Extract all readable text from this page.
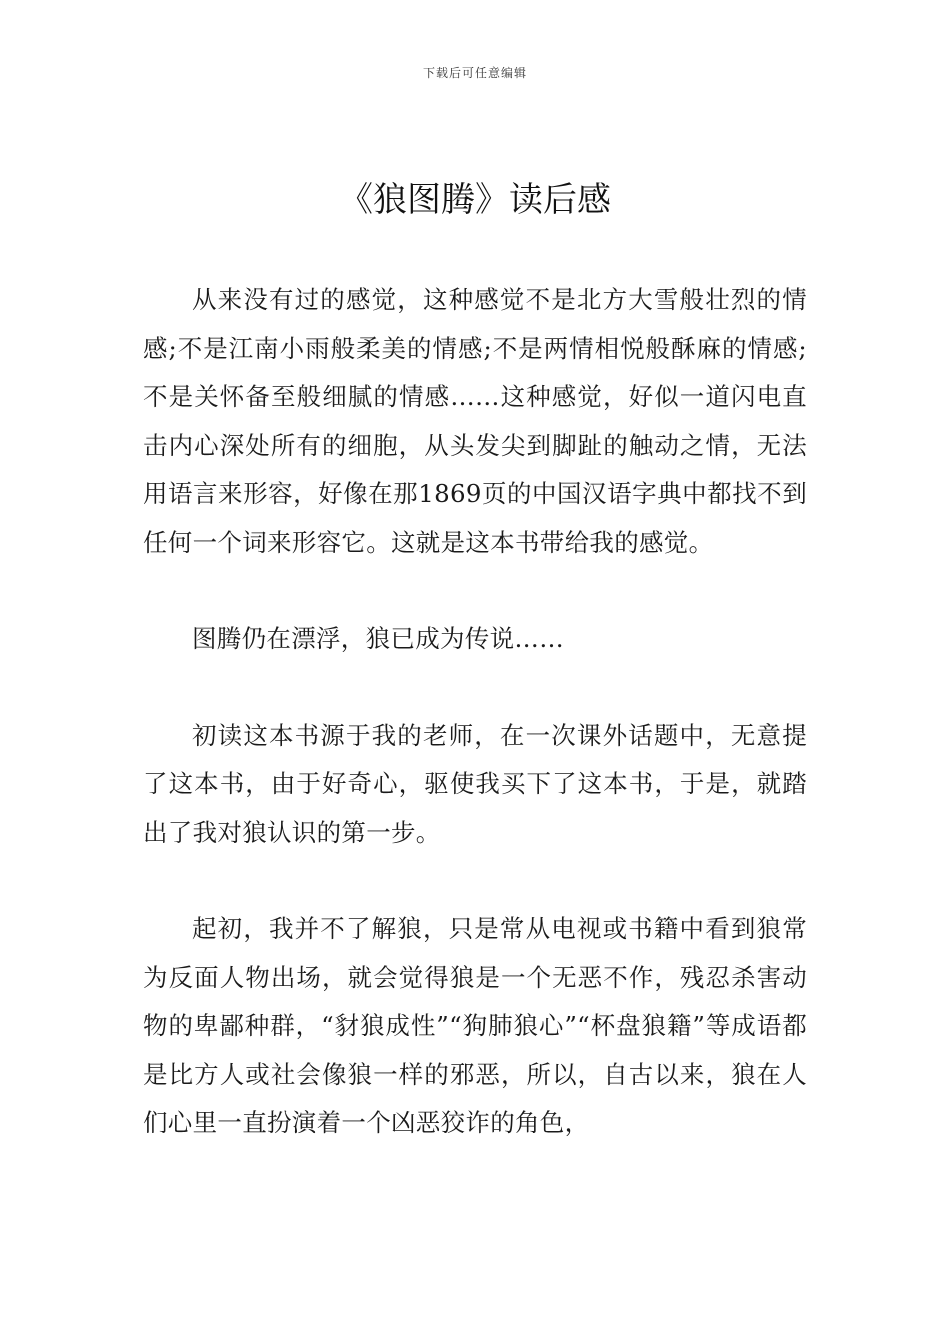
下载后可任意编辑
《狼图腾》读后感

从来没有过的感觉，这种感觉不是北方大雪般壮烈的情感;不是江南小雨般柔美的情感;不是两情相悦般酥麻的情感;不是关怀备至般细腻的情感……这种感觉，好似一道闪电直击内心深处所有的细胞，从头发尖到脚趾的触动之情，无法用语言来形容，好像在那1869页的中国汉语字典中都找不到任何一个词来形容它。这就是这本书带给我的感觉。

图腾仍在漂浮，狼已成为传说……

初读这本书源于我的老师，在一次课外话题中，无意提了这本书，由于好奇心，驱使我买下了这本书，于是，就踏出了我对狼认识的第一步。

起初，我并不了解狼，只是常从电视或书籍中看到狼常为反面人物出场，就会觉得狼是一个无恶不作，残忍杀害动物的卑鄙种群，“豺狼成性”“狗肺狼心”“杯盘狼籍”等成语都是比方人或社会像狼一样的邪恶，所以，自古以来，狼在人们心里一直扮演着一个凶恶狡诈的角色，
